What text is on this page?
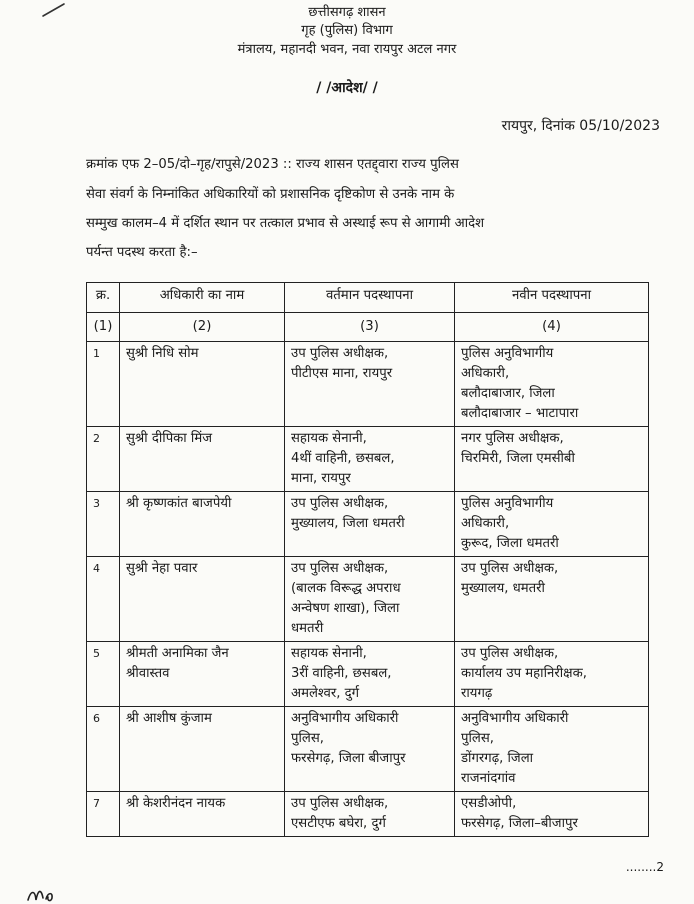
छत्तीसगढ़ शासन
गृह (पुलिस) विभाग
मंत्रालय, महानदी भवन, नवा रायपुर अटल नगर
/ /आदेश/ /
रायपुर, दिनांक 05/10/2023
क्रमांक एफ 2–05/दो–गृह/रापुसे/2023 :: राज्य शासन एतद्द्वारा राज्य पुलिस
सेवा संवर्ग के निम्नांकित अधिकारियों को प्रशासनिक दृष्टिकोण से उनके नाम के
सम्मुख कालम–4 में दर्शित स्थान पर तत्काल प्रभाव से अस्थाई रूप से आगामी आदेश
पर्यन्त पदस्थ करता है:–
क्र.	अधिकारी का नाम	वर्तमान पदस्थापना	नवीन पदस्थापना
(1)	(2)	(3)	(4)
1	सुश्री निधि सोम	उप पुलिस अधीक्षक,
पीटीएस माना, रायपुर	पुलिस अनुविभागीय
अधिकारी,
बलौदाबाजार, जिला
बलौदाबाजार – भाटापारा

2	सुश्री दीपिका मिंज	सहायक सेनानी,
4थीं वाहिनी, छसबल,
माना, रायपुर	नगर पुलिस अधीक्षक,
चिरमिरी, जिला एमसीबी

3	श्री कृष्णकांत बाजपेयी	उप पुलिस अधीक्षक,
मुख्यालय, जिला धमतरी	पुलिस अनुविभागीय
अधिकारी,
कुरूद, जिला धमतरी

4	सुश्री नेहा पवार	उप पुलिस अधीक्षक,
(बालक विरूद्ध अपराध
अन्वेषण शाखा), जिला
धमतरी	उप पुलिस अधीक्षक,
मुख्यालय, धमतरी

5	श्रीमती अनामिका जैन
श्रीवास्तव	सहायक सेनानी,
3रीं वाहिनी, छसबल,
अमलेश्वर, दुर्ग	उप पुलिस अधीक्षक,
कार्यालय उप महानिरीक्षक,
रायगढ़

6	श्री आशीष कुंजाम	अनुविभागीय अधिकारी
पुलिस,
फरसेगढ़, जिला बीजापुर	अनुविभागीय अधिकारी
पुलिस,
डोंगरगढ़, जिला
राजनांदगांव

7	श्री केशरीनंदन नायक	उप पुलिस अधीक्षक,
एसटीएफ बघेरा, दुर्ग	एसडीओपी,
फरसेगढ़, जिला–बीजापुर
........2
